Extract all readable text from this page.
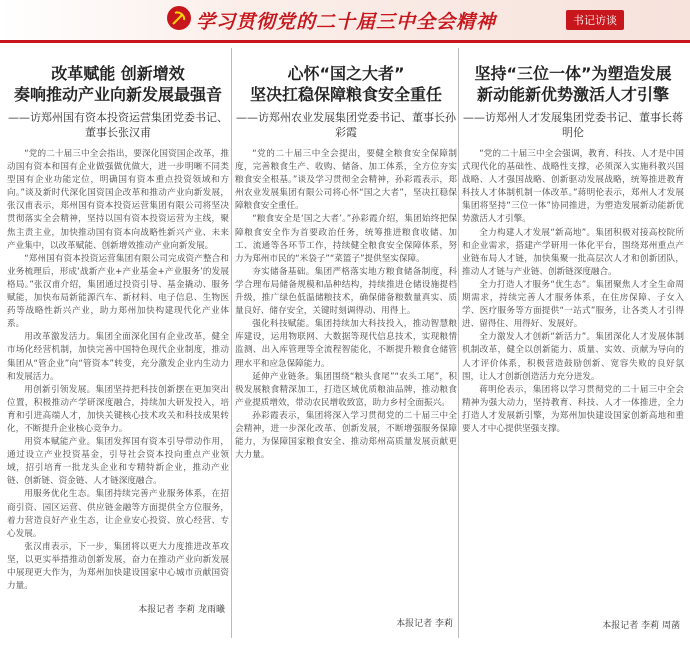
学习贯彻党的二十届三中全会精神	书记访谈
改革赋能 创新增效
奏响推动产业向新发展最强音
——访郑州国有资本投资运营集团党委书记、董事长张汉甫

“党的二十届三中全会指出，要深化国资国企改革，推动国有资本和国有企业做强做优做大，进一步明晰不同类型国有企业功能定位，明确国有资本重点投资领域和方向。”谈及新时代深化国资国企改革和推动产业向新发展，张汉甫表示，郑州国有资本投资运营集团有限公司将坚决贯彻落实全会精神，坚持以国有资本投资运营为主线，聚焦主责主业，加快推动国有资本向战略性新兴产业、未来产业集中，以改革赋能、创新增效推动产业向新发展。

“郑州国有资本投资运营集团有限公司完成资产整合和业务梳理后，形成‘战新产业+产业基金+产业服务’的发展格局。”张汉甫介绍，集团通过投资引导、基金撬动、服务赋能，加快布局新能源汽车、新材料、电子信息、生物医药等战略性新兴产业，助力郑州加快构建现代化产业体系。

用改革激发活力。集团全面深化国有企业改革，健全市场化经营机制，加快完善中国特色现代企业制度，推动集团从“管企业”向“管资本”转变，充分激发企业内生动力和发展活力。

用创新引领发展。集团坚持把科技创新摆在更加突出位置，积极推动产学研深度融合，持续加大研发投入，培育和引进高端人才，加快关键核心技术攻关和科技成果转化，不断提升企业核心竞争力。

用资本赋能产业。集团发挥国有资本引导带动作用，通过设立产业投资基金，引导社会资本投向重点产业领域，招引培育一批龙头企业和专精特新企业，推动产业链、创新链、资金链、人才链深度融合。

用服务优化生态。集团持续完善产业服务体系，在招商引资、园区运营、供应链金融等方面提供全方位服务，着力营造良好产业生态，让企业安心投资、放心经营、专心发展。

张汉甫表示，下一步，集团将以更大力度推进改革攻坚，以更实举措推动创新发展，奋力在推动产业向新发展中展现更大作为，为郑州加快建设国家中心城市贡献国资力量。

本报记者 李莉 龙雨曦
心怀“国之大者”
坚决扛稳保障粮食安全重任
——访郑州农业发展集团党委书记、董事长孙彩霞

“党的二十届三中全会提出，要健全粮食安全保障制度，完善粮食生产、收购、储备、加工体系，全方位夯实粮食安全根基。”谈及学习贯彻全会精神，孙彩霞表示，郑州农业发展集团有限公司将心怀“国之大者”，坚决扛稳保障粮食安全重任。

“粮食安全是‘国之大者’。”孙彩霞介绍，集团始终把保障粮食安全作为首要政治任务，统筹推进粮食收储、加工、流通等各环节工作，持续健全粮食安全保障体系，努力为郑州市民的“米袋子”“菜篮子”提供坚实保障。

夯实储备基础。集团严格落实地方粮食储备制度，科学合理布局储备规模和品种结构，持续推进仓储设施提档升级，推广绿色低温储粮技术，确保储备粮数量真实、质量良好、储存安全，关键时刻调得动、用得上。

强化科技赋能。集团持续加大科技投入，推动智慧粮库建设，运用物联网、大数据等现代信息技术，实现粮情监测、出入库管理等全流程智能化，不断提升粮食仓储管理水平和应急保障能力。

延伸产业链条。集团围绕“粮头食尾”“农头工尾”，积极发展粮食精深加工，打造区域优质粮油品牌，推动粮食产业提质增效，带动农民增收致富，助力乡村全面振兴。

孙彩霞表示，集团将深入学习贯彻党的二十届三中全会精神，进一步深化改革、创新发展，不断增强服务保障能力，为保障国家粮食安全、推动郑州高质量发展贡献更大力量。

本报记者 李莉
坚持“三位一体”为塑造发展
新动能新优势激活人才引擎
——访郑州人才发展集团党委书记、董事长蒋明伦

“党的二十届三中全会强调，教育、科技、人才是中国式现代化的基础性、战略性支撑，必须深入实施科教兴国战略、人才强国战略、创新驱动发展战略，统筹推进教育科技人才体制机制一体改革。”蒋明伦表示，郑州人才发展集团将坚持“三位一体”协同推进，为塑造发展新动能新优势激活人才引擎。

全力构建人才发展“新高地”。集团积极对接高校院所和企业需求，搭建产学研用一体化平台，围绕郑州重点产业链布局人才链，加快集聚一批高层次人才和创新团队，推动人才链与产业链、创新链深度融合。

全力打造人才服务“优生态”。集团聚焦人才全生命周期需求，持续完善人才服务体系，在住房保障、子女入学、医疗服务等方面提供“一站式”服务，让各类人才引得进、留得住、用得好、发展好。

全力激发人才创新“新活力”。集团深化人才发展体制机制改革，健全以创新能力、质量、实效、贡献为导向的人才评价体系，积极营造鼓励创新、宽容失败的良好氛围，让人才创新创造活力充分迸发。

蒋明伦表示，集团将以学习贯彻党的二十届三中全会精神为强大动力，坚持教育、科技、人才一体推进，全力打造人才发展新引擎，为郑州加快建设国家创新高地和重要人才中心提供坚强支撑。

本报记者 李莉 周菡
